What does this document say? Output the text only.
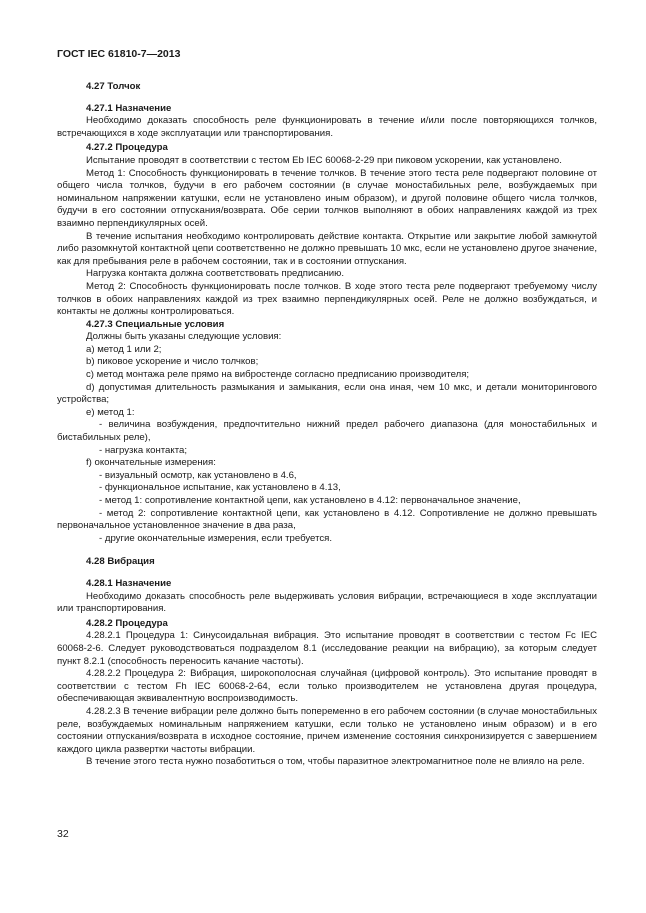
ГОСТ IEC 61810-7—2013
4.27 Толчок
4.27.1 Назначение

Необходимо доказать способность реле функционировать в течение и/или после повторяющихся толчков, встречающихся в ходе эксплуатации или транспортирования.

4.27.2 Процедура

Испытание проводят в соответствии с тестом Eb IEC 60068-2-29 при пиковом ускорении, как установлено.

Метод 1: Способность функционировать в течение толчков. В течение этого теста реле подвергают половине от общего числа толчков, будучи в его рабочем состоянии (в случае моностабильных реле, возбуждаемых при номинальном напряжении катушки, если не установлено иным образом), и другой половине общего числа толчков, будучи в его состоянии отпускания/возврата. Обе серии толчков выполняют в обоих направлениях каждой из трех взаимно перпендикулярных осей.

В течение испытания необходимо контролировать действие контакта. Открытие или закрытие любой замкнутой либо разомкнутой контактной цепи соответственно не должно превышать 10 мкс, если не установлено другое значение, как для пребывания реле в рабочем состоянии, так и в состоянии отпускания.

Нагрузка контакта должна соответствовать предписанию.

Метод 2: Способность функционировать после толчков. В ходе этого теста реле подвергают требуемому числу толчков в обоих направлениях каждой из трех взаимно перпендикулярных осей. Реле не должно возбуждаться, и контакты не должны контролироваться.

4.27.3 Специальные условия

Должны быть указаны следующие условия:

a) метод 1 или 2;

b) пиковое ускорение и число толчков;

c) метод монтажа реле прямо на вибростенде согласно предписанию производителя;

d) допустимая длительность размыкания и замыкания, если она иная, чем 10 мкс, и детали мониторингового устройства;

e) метод 1:

- величина возбуждения, предпочтительно нижний предел рабочего диапазона (для моностабильных и бистабильных реле),

- нагрузка контакта;

f) окончательные измерения:

- визуальный осмотр, как установлено в 4.6,

- функциональное испытание, как установлено в 4.13,

- метод 1: сопротивление контактной цепи, как установлено в 4.12: первоначальное значение,

- метод 2: сопротивление контактной цепи, как установлено в 4.12. Сопротивление не должно превышать первоначальное установленное значение в два раза,

- другие окончательные измерения, если требуется.

4.28 Вибрация
4.28.1 Назначение

Необходимо доказать способность реле выдерживать условия вибрации, встречающиеся в ходе эксплуатации или транспортирования.

4.28.2 Процедура

4.28.2.1 Процедура 1: Синусоидальная вибрация. Это испытание проводят в соответствии с тестом Fc IEC 60068-2-6. Следует руководствоваться подразделом 8.1 (исследование реакции на вибрацию), за которым следует пункт 8.2.1 (способность переносить качание частоты).

4.28.2.2 Процедура 2: Вибрация, широкополосная случайная (цифровой контроль). Это испытание проводят в соответствии с тестом Fh IEC 60068-2-64, если только производителем не установлена другая процедура, обеспечивающая эквивалентную воспроизводимость.

4.28.2.3 В течение вибрации реле должно быть попеременно в его рабочем состоянии (в случае моностабильных реле, возбуждаемых номинальным напряжением катушки, если только не установлено иным образом) и в его состоянии отпускания/возврата в исходное состояние, причем изменение состояния синхронизируется с завершением каждого цикла развертки частоты вибрации.

В течение этого теста нужно позаботиться о том, чтобы паразитное электромагнитное поле не влияло на реле.

32
